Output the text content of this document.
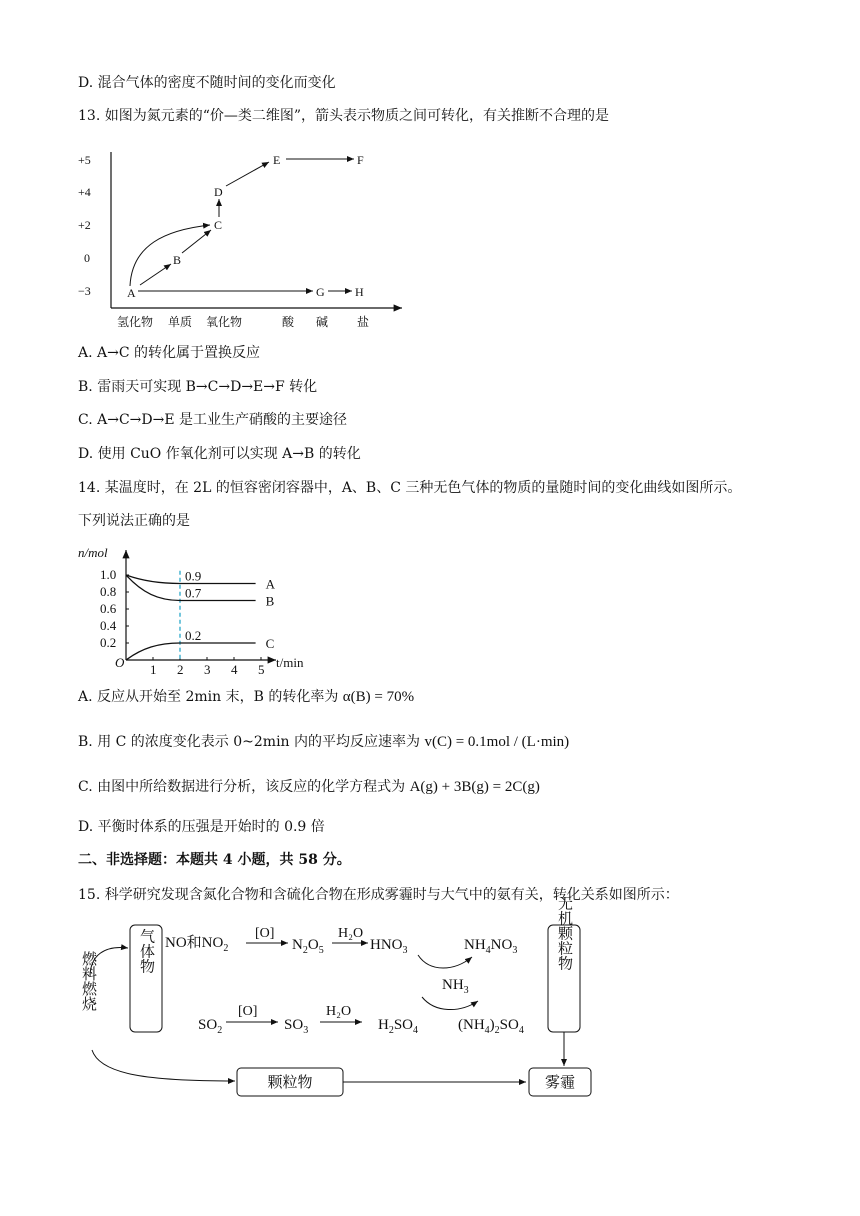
D. 混合气体的密度不随时间的变化而变化
13. 如图为氮元素的“价—类二维图”，箭头表示物质之间可转化，有关推断不合理的是
+5
+4
+2
0
−3
氢化物 单质 氧化物	酸 碱 盐
A
B
C
D
E	F
G	H
A. A→C 的转化属于置换反应
B. 雷雨天可实现 B→C→D→E→F 转化
C. A→C→D→E 是工业生产硝酸的主要途径
D. 使用 CuO 作氧化剂可以实现 A→B 的转化
14. 某温度时，在 2L 的恒容密闭容器中，A、B、C 三种无色气体的物质的量随时间的变化曲线如图所示。
下列说法正确的是
n/mol
t/min
O 1 2 3 4 5
1.0
0.8
0.6
0.4
0.2
0.9
A
0.7
B
0.2
C
A. 反应从开始至 2min 末，B 的转化率为 α(B) = 70%
B. 用 C 的浓度变化表示 0~2min 内的平均反应速率为 v(C) = 0.1mol / (L·min)
C. 由图中所给数据进行分析，该反应的化学方程式为 A(g) + 3B(g) = 2C(g)
D. 平衡时体系的压强是开始时的 0.9 倍
二、非选择题：本题共 4 小题，共 58 分。
15. 科学研究发现含氮化合物和含硫化合物在形成雾霾时与大气中的氨有关，转化关系如图所示：
气体物	无机颗粒物
燃料燃烧
颗粒物	雾霾
NO和$NO_2$
[O]
$N_2O_5$
H₂O
$HNO_3$	$NH_4NO_3$
$NH_3$
$SO_2$
[O]
$SO_3$
H₂O
$H_2SO_4$	$(NH_4)_2SO_4$
